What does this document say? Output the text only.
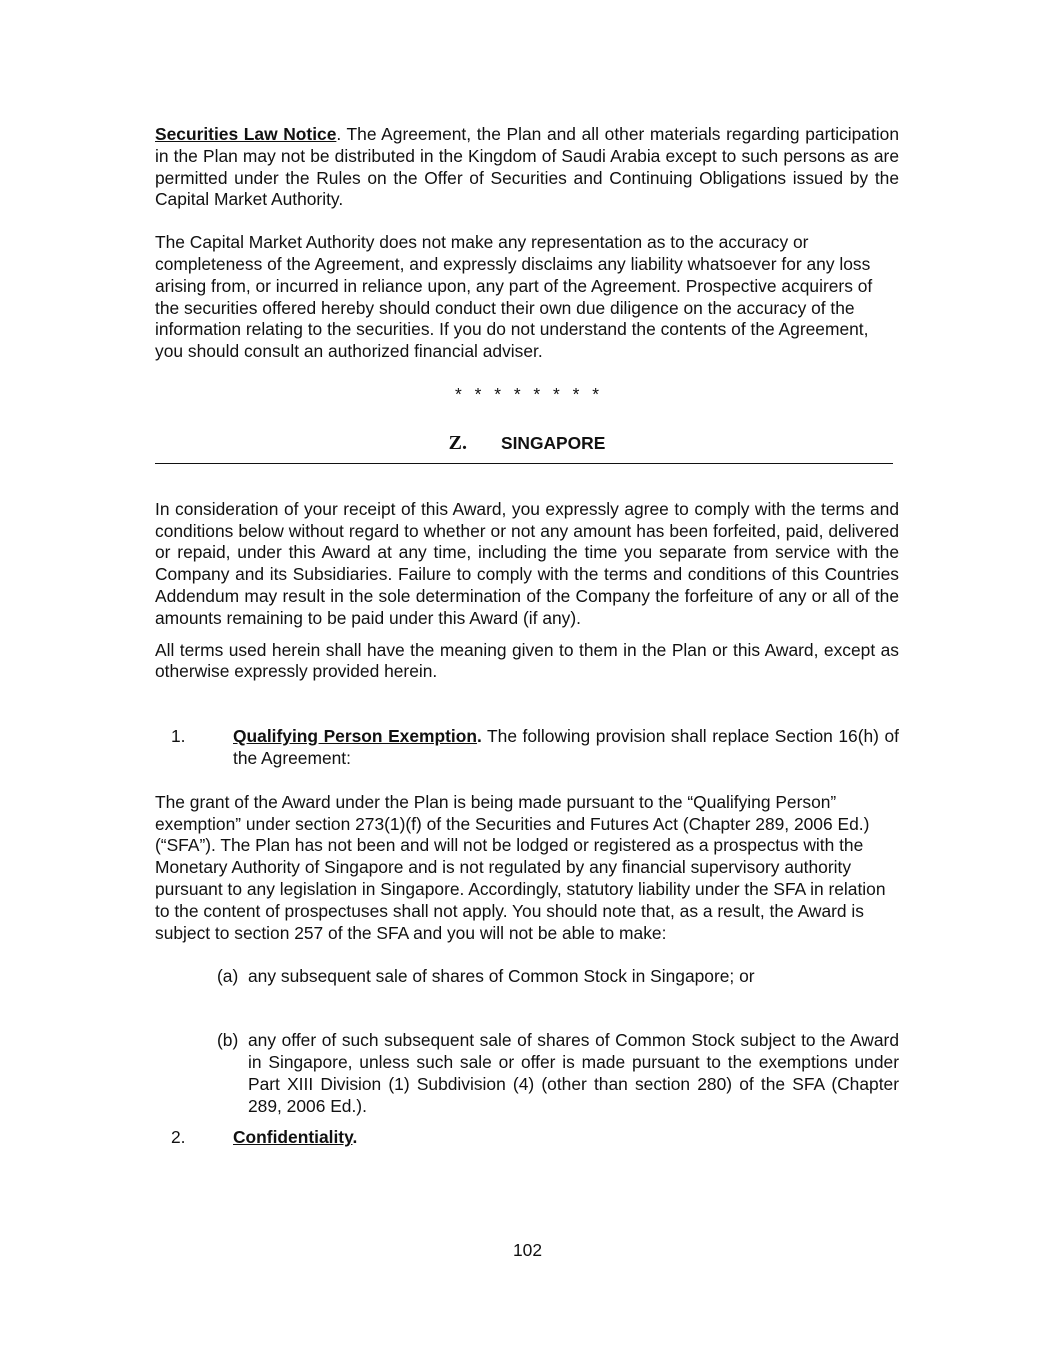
Securities Law Notice. The Agreement, the Plan and all other materials regarding participation in the Plan may not be distributed in the Kingdom of Saudi Arabia except to such persons as are permitted under the Rules on the Offer of Securities and Continuing Obligations issued by the Capital Market Authority.

The Capital Market Authority does not make any representation as to the accuracy or completeness of the Agreement, and expressly disclaims any liability whatsoever for any loss arising from, or incurred in reliance upon, any part of the Agreement. Prospective acquirers of the securities offered hereby should conduct their own due diligence on the accuracy of the information relating to the securities. If you do not understand the contents of the Agreement, you should consult an authorized financial adviser.

* * * * * * * *
Z. SINGAPORE

In consideration of your receipt of this Award, you expressly agree to comply with the terms and conditions below without regard to whether or not any amount has been forfeited, paid, delivered or repaid, under this Award at any time, including the time you separate from service with the Company and its Subsidiaries. Failure to comply with the terms and conditions of this Countries Addendum may result in the sole determination of the Company the forfeiture of any or all of the amounts remaining to be paid under this Award (if any).

All terms used herein shall have the meaning given to them in the Plan or this Award, except as otherwise expressly provided herein.

1.	Qualifying Person Exemption. The following provision shall replace Section 16(h) of the Agreement:

The grant of the Award under the Plan is being made pursuant to the “Qualifying Person” exemption” under section 273(1)(f) of the Securities and Futures Act (Chapter 289, 2006 Ed.) (“SFA”). The Plan has not been and will not be lodged or registered as a prospectus with the Monetary Authority of Singapore and is not regulated by any financial supervisory authority pursuant to any legislation in Singapore. Accordingly, statutory liability under the SFA in relation to the content of prospectuses shall not apply. You should note that, as a result, the Award is subject to section 257 of the SFA and you will not be able to make:

(a) any subsequent sale of shares of Common Stock in Singapore; or
(b) any offer of such subsequent sale of shares of Common Stock subject to the Award in Singapore, unless such sale or offer is made pursuant to the exemptions under Part XIII Division (1) Subdivision (4) (other than section 280) of the SFA (Chapter 289, 2006 Ed.).
2.	Confidentiality.
102
